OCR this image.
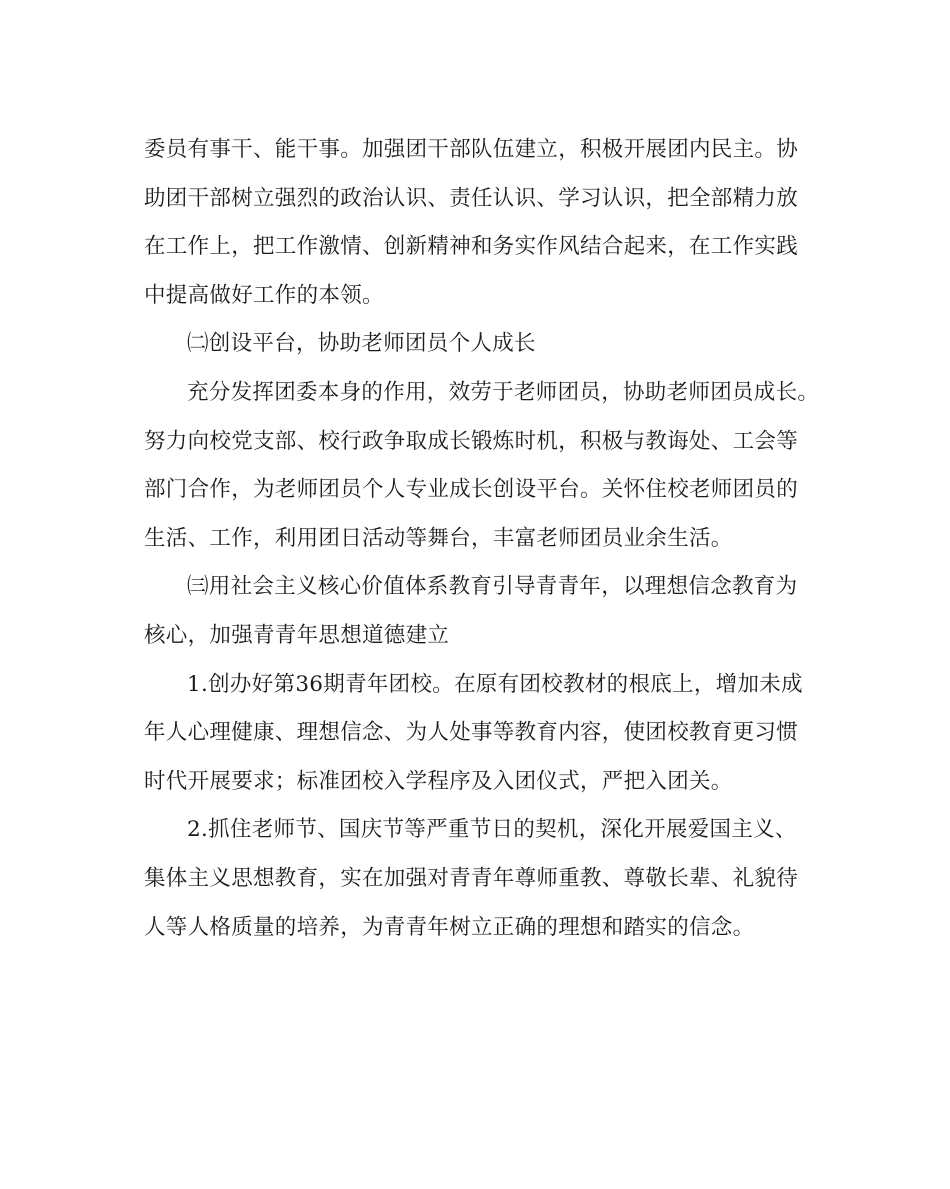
委员有事干、能干事。加强团干部队伍建立，积极开展团内民主。协
助团干部树立强烈的政治认识、责任认识、学习认识，把全部精力放
在工作上，把工作激情、创新精神和务实作风结合起来，在工作实践
中提高做好工作的本领。
㈡创设平台，协助老师团员个人成长
充分发挥团委本身的作用，效劳于老师团员，协助老师团员成长。
努力向校党支部、校行政争取成长锻炼时机，积极与教诲处、工会等
部门合作，为老师团员个人专业成长创设平台。关怀住校老师团员的
生活、工作，利用团日活动等舞台，丰富老师团员业余生活。
㈢用社会主义核心价值体系教育引导青青年，以理想信念教育为
核心，加强青青年思想道德建立
1.创办好第36期青年团校。在原有团校教材的根底上，增加未成
年人心理健康、理想信念、为人处事等教育内容，使团校教育更习惯
时代开展要求；标准团校入学程序及入团仪式，严把入团关。
2.抓住老师节、国庆节等严重节日的契机，深化开展爱国主义、
集体主义思想教育，实在加强对青青年尊师重教、尊敬长辈、礼貌待
人等人格质量的培养，为青青年树立正确的理想和踏实的信念。
